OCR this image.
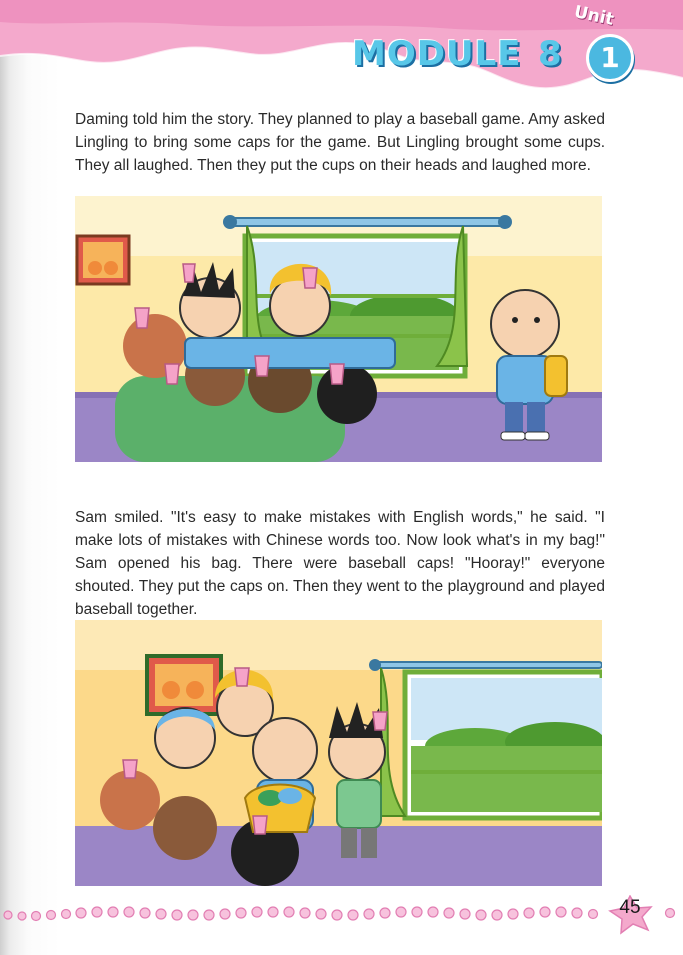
MODULE 8
Unit
1

Daming told him the story. They planned to play a baseball game. Amy asked Lingling to bring some caps for the game. But Lingling brought some cups. They all laughed. Then they put the cups on their heads and laughed more.

Sam smiled. "It's easy to make mistakes with English words," he said. "I make lots of mistakes with Chinese words too. Now look what's in my bag!" Sam opened his bag. There were baseball caps! "Hooray!" everyone shouted. They put the caps on. Then they went to the playground and played baseball together.

45
